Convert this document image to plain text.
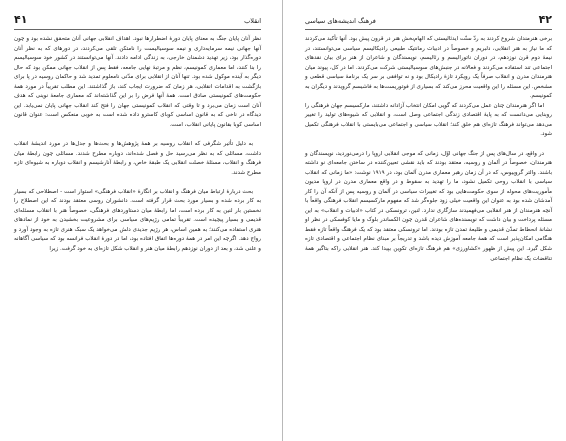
۴۱	انقلاب

نظر آنان پایان جنگ به معنای پایان دورۀ اضطرارها نبود. اهداف انقلابی جهانی آنان متحقق نشده بود و چون آنها جهانی نیمه سرمایه‌داری و نیمه سوسیالیست را نامتکن تلقی می‌کردند، در دورهای که به نظر آنان دوره‌گذار بود، زیر تهدید دشمنان خارجی، به زندگی ادامه دادند. آنها می‌توانستند در کشور خود سوسیالیسم را بنا کنند، اما معماری کمونیسم، نظم و مرتبۀ نهایی جامعه، فقط پس از انقلاب جهانی ممکن بود که حال دیگر به آینده موکول شده بود. تنها آنان از انقلابی برای مدّتی نامعلوم تمدید شد و حاکمان روسیه در پا برای بازگشت به اقدامات انقلابی، هر زمان که ضرورت ایجاب کند، باز گذاشتند. این مطلب تقریباً در مورد همۀ حکومت‌های کمونیستی صادق است. همۀ آنها فرض را بر این گذاشته‌اند که معماری جامعۀ نوینی که هدف آنان است زمان می‌برد و تا وقتی که انقلاب کمونیستی جهان را فتح کند انقلاب جهانی پایان نمی‌یابد. این دیدگاه در ناخی که به قانون اساسی کوبای کاسترو داده شده است به خوبی منعکس است: عنوان قانون اساسی کوبا بقانون پایانی انقلاب، است.

به دلیل تأثیر شگرفی که انقلاب روسیه بر همۀ پژوهش‌ها و بحث‌ها و جدل‌ها در مورد اندیشۀ انقلاب داشت، مسائلی که به نظر می‌رسید حل و فصل شده‌اند، دوباره مطرح شدند. مسائلی چون رابطۀ میان فرهنگ و انقلاب، مسئلۀ خصلت انقلابی یک طبقۀ خاص، و رابطۀ آنارشیسم و انقلاب دوباره به شیوه‌ای تازه مطرح شدند.

بحث دربارۀ ارتباط میان فرهنگ و انقلاب بر انگارۀ «انقلاب فرهنگی» استوار است - اصطلاحی که بسیار به کار برده شده و بسیار مورد بحث قرار گرفته است. دانشوران روسی معتقد بودند که این اصطلاح را نخستین بار لنین به کار برده است، اما رابطۀ میان دستاوردهای فرهنگی، خصوصاً هنر با انقلاب مسئله‌ای قدیمی و بسیار پیچیده است. تقریباً تمامی رژیم‌های سیاسی برای مشروعیت بخشیدن به خود از نمادهای هنری استفاده می‌کنند؛ به همین اساس، هر رژیم جدیدی دلش می‌خواهد یک سبک هنری تازه به وجود آورد و رواج دهد. اگرچه این امر در همۀ دوره‌ها اتفاق افتاده بود، اما در دورۀ انقلاب فرانسه بود که سیاسی آگاهانه و علنی شد، و بعد از دوران نوزدهم رابطۀ میان هنر و انقلاب شکل تازه‌ای به خود گرفت. زیرا

فرهنگ اندیشه‌های سیاسی	۴۲

برخی هنرمندان شروع کردند به ردّ سنّت ایدئالیستی که الهام‌بخش هنر در قرون پیش بود. آنها تأکید می‌کردند که ما نیاز به هنر انقلابی، دلبریم و خصوصاً در ادبیات رمانتیک طبیعی رادیکالیسم سیاسی می‌توانستند، در نیمۀ دوم قرن نوزدهم، در دوران ناتورالیسم و رئالیسم، نویسندگان و شاعران از هنر برای بیان نقدهای اجتماعی تند استفاده می‌کردند و فعالانه در جنبش‌های سوسیالیستی شرکت می‌کردند. اما در کل، پیوند میان هنرمندان مدرن و انقلاب صرفاً یک رویکرد تازۀ رادیکال بود و نه توافقی بر سر یک برنامۀ سیاسی قطعی و مشخص. این مسئله را این واقعیت محرز می‌کند که بسیاری از فوتوریست‌ها به فاشیسم گرویدند و دیگران به کمونیسم.

اما اگر هنرمندان چنان عمل می‌کردند که گویی امکان انتخاب آزادانه داشتند، مارکسیسم جهان فرهنگی را روبنایی می‌دانست که به پایۀ اقتصادی زندگی اجتماعی وصل است، و انقلابی که شیوه‌های تولید را تغییر می‌دهد می‌تواند فرهنگ تازه‌ای هم خلق کند؛ انقلاب سیاسی و اجتماعی می‌بایستی با انقلاب فرهنگی تکمیل شود.

در واقع، در سال‌های پس از جنگ جهانی اوّل، زمانی که موجی انقلابی اروپا را درمی‌نوردید، نویسندگان و هنرمندان، خصوصاً در آلمان و روسیه، معتقد بودند که باید نقشی تعیین‌کننده در ساختن جامعه‌ای نو داشته باشند. والتر گروپیوس، که در آن زمان رهبر معماری مدرن آلمان بود، در ۱۹۱۹ نوشت: «ما زمانی که انقلاب سیاسی با انقلاب روحی تکمیل نشود، ما را تهدید به سقوط و در واقع معماری مدرن در اروپا مدیون مأموریت‌های محوله از سوی حکومت‌هایی بود که تغییرات سیاسی در آلمان و روسیه پس از آنکه آن را کار آمدشان شده بود به عنوان این واقعیت خیلی زود جلوه‌گر شد که مفهوم مارکسیسم انقلاب فرهنگی واقعاً با آنچه هنرمندان از هنر انقلابی می‌فهمیدند سازگاری ندارد. لنین، ترونسکی در کتاب «ادبیات و انقلاب» به این مسئله پرداخت و بیان داشت که نویسنده‌های شاعران مُدرن چون الکساندر بلوک و مایا کوفسکی در نظر او نشانۀ انحطاط تمدّن قدیمی و طلیعۀ تمدن تازه بودند. اما ترونسکی معتقد بود که یک فرهنگ واقعاً تازه فقط هنگامی امکان‌پذیر است که همۀ جامعه آموزش دیده باشد و تدریجاً بر مبنای نظام اجتماعی و اقتصادی تازه شکل گیرد. این پیش از ظهور «کشاورزی» هم فرهنگ تازه‌ای تکوین بپیدا کند. هنر انقلابی راکه بتاگیر همۀ تناقضات یک نظام اجتماعی
